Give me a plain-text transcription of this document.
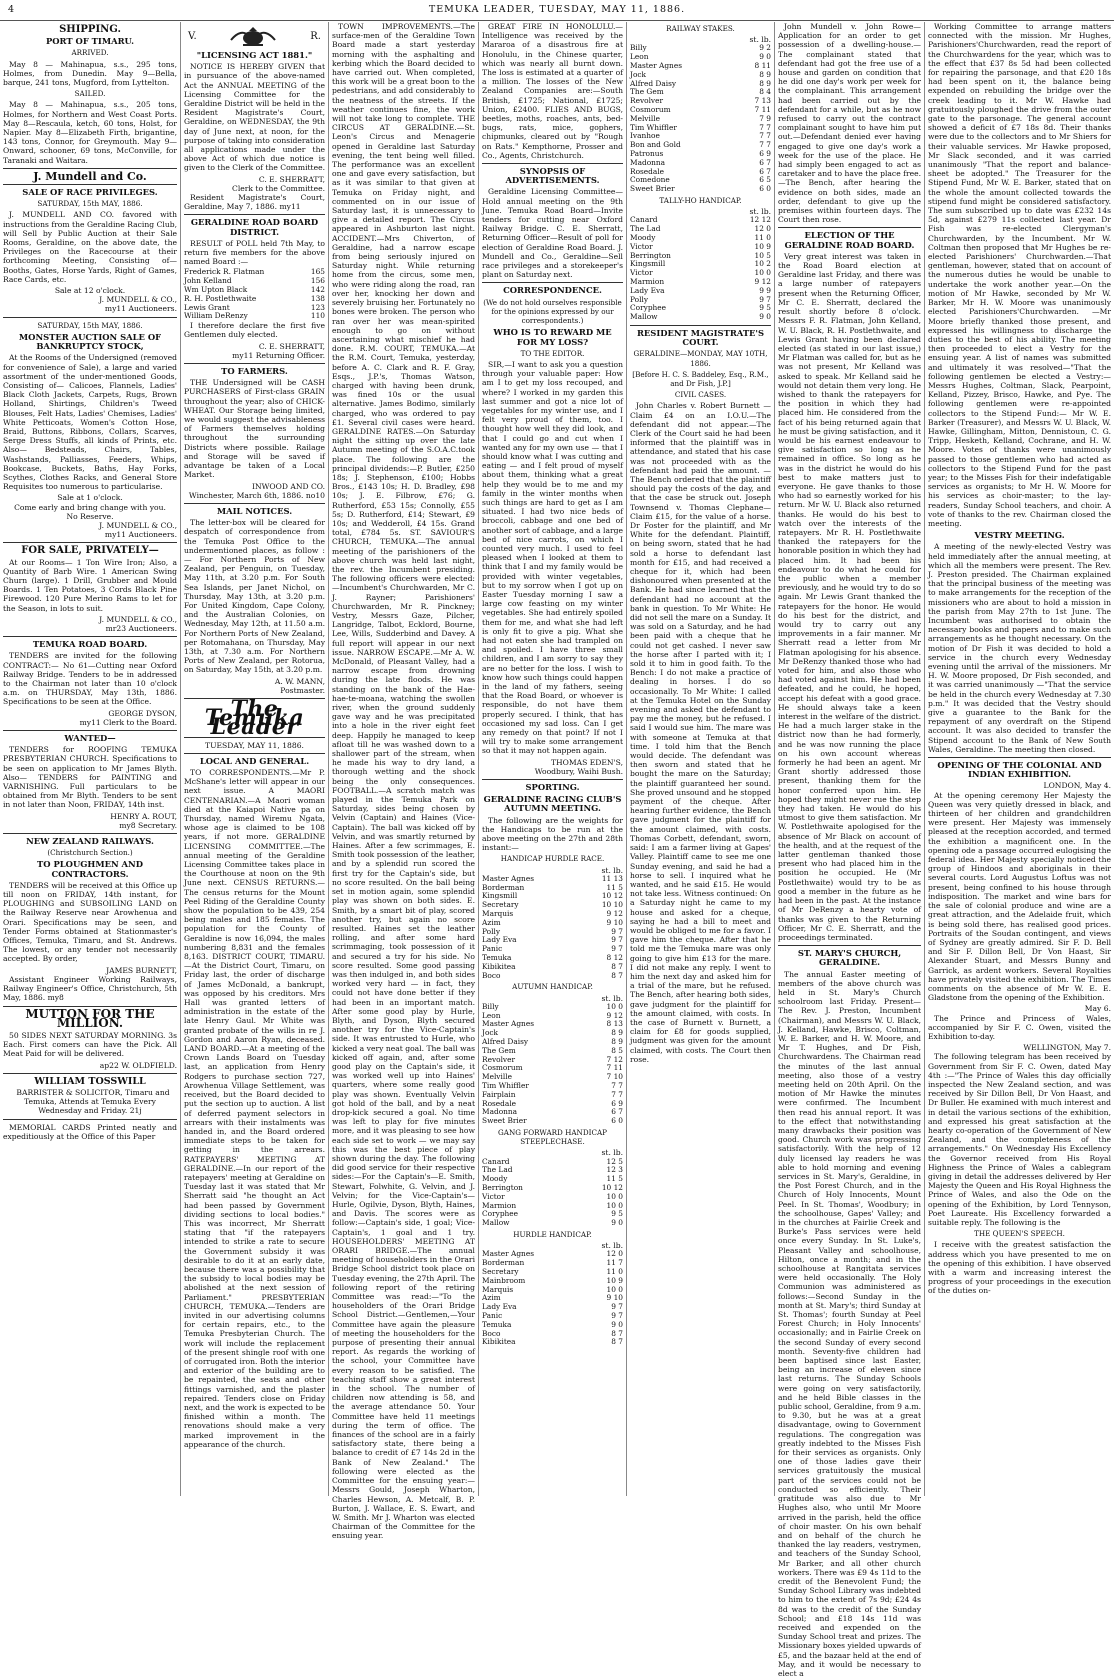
4	TEMUKA LEADER, TUESDAY, MAY 11, 1886.
SHIPPING.
PORT OF TIMARU.
ARRIVED.

May 8 — Mahinapua, s.s., 295 tons, Holmes, from Dunedin. May 9—Bella, barque, 241 tons, Mugford, from Lyttelton.

SAILED.

May 8 — Mahinapua, s.s., 205 tons, Holmes, for Northern and West Coast Ports. May 8—Rescaula, ketch, 60 tons, Holst, for Napier. May 8—Elizabeth Firth, brigantine, 143 tons, Connor, for Greymouth. May 9—Onward, schooner, 69 tons, McConville, for Taranaki and Waitara.

J. Mundell and Co.
SALE OF RACE PRIVILEGES.
SATURDAY, 15th MAY, 1886.

J. MUNDELL AND CO. favored with instructions from the Geraldine Racing Club, will Sell by Public Auction at their Sale Rooms, Geraldine, on the above date, the Privileges on the Racecourse at their forthcoming Meeting, Consisting of— Booths, Gates, Horse Yards, Right of Games, Race Cards, etc.

Sale at 12 o'clock.
J. MUNDELL & CO.,
my11 Auctioneers.
SATURDAY, 15th MAY, 1886.
MONSTER AUCTION SALE OF BANKRUPTCY STOCK,

At the Rooms of the Undersigned (removed for convenience of Sale), a large and varied assortment of the under-mentioned Goods, Consisting of— Calicoes, Flannels, Ladies' Black Cloth Jackets, Carpets, Rugs, Brown Holland, Shirtings, Children's Tweed Blouses, Felt Hats, Ladies' Chemises, Ladies' White Petticoats, Women's Cotton Hose, Braid, Buttons, Ribbons, Collars, Scarves, Serge Dress Stuffs, all kinds of Prints, etc. Also— Bedsteads, Chairs, Tables, Washstands, Palliasses, Feeders, Whips, Bookcase, Buckets, Baths, Hay Forks, Scythes, Clothes Racks, and General Store Requisites too numerous to particularise.

Sale at 1 o'clock.
Come early and bring change with you.
No Reserve.
J. MUNDELL & CO.,
my11 Auctioneers.
FOR SALE, PRIVATELY—

At our Rooms— 1 Ton Wire Iron; Also, a Quantity of Barb Wire. 1 American Swing Churn (large). 1 Drill, Grubber and Mould Boards. 1 Ten Potatoes, 3 Cords Black Pine Firewood. 120 Pure Merino Rams to let for the Season, in lots to suit.

J. MUNDELL & CO.,
mr23 Auctioneers.
TEMUKA ROAD BOARD.

TENDERS are invited for the following CONTRACT:— No 61—Cutting near Oxford Railway Bridge. Tenders to be in addressed to the Chairman not later than 10 o'clock a.m. on THURSDAY, May 13th, 1886. Specifications to be seen at the Office.

GEORGE DYSON,
my11 Clerk to the Board.
WANTED—

TENDERS for ROOFING TEMUKA PRESBYTERIAN CHURCH. Specifications to be seen on application to Mr James Blyth. Also— TENDERS for PAINTING and VARNISHING. Full particulars to be obtained from Mr Blyth. Tenders to be sent in not later than Noon, FRIDAY, 14th inst.

HENRY A. ROUT,
my8 Secretary.
NEW ZEALAND RAILWAYS.
(Christchurch Section.)
TO PLOUGHMEN AND CONTRACTORS.

TENDERS will be received at this Office up till noon on FRIDAY, 14th instant, for PLOUGHING and SUBSOILING LAND on the Railway Reserve near Arowhenua and Orari. Specifications may be seen, and Tender Forms obtained at Stationmaster's Offices, Temuka, Timaru, and St. Andrews. The lowest, or any tender not necessarily accepted. By order,

JAMES BURNETT,

Assistant Engineer Working Railways, Railway Engineer's Office, Christchurch, 5th May, 1886. my8

MUTTON FOR THE MILLION.

50 SIDES NEXT SATURDAY MORNING. 3s Each. First comers can have the Pick. All Meat Paid for will be delivered.

ap22 W. OLDFIELD.
WILLIAM TOSSWILL

BARRISTER & SOLICITOR, Timaru and Temuka, Attends at Temuka Every Wednesday and Friday. 21j

MEMORIAL CARDS Printed neatly and expeditiously at the Office of this Paper

V.	R.
"LICENSING ACT 1881."

NOTICE IS HEREBY GIVEN that in pursuance of the above-named Act the ANNUAL MEETING of the Licensing Committee for the Geraldine District will be held in the Resident Magistrate's Court, Geraldine, on WEDNESDAY, the 9th day of June next, at noon, for the purpose of taking into consideration all applications made under the above Act of which due notice is given to the Clerk of the Committee.

C. E. SHERRATT,
Clerk to the Committee.

Resident Magistrate's Court, Geraldine, May 7, 1886. my11

GERALDINE ROAD BOARD DISTRICT.

RESULT of POLL held 7th May, to return five members for the above named Board :—

Frederick R. Flatman	165
John Kelland	156
Wm Upton Black	142
R. H. Postlethwaite	138
Lewis Grant	123
William DeRenzy	110

I therefore declare the first five Gentlemen duly elected.

C. E. SHERRATT,
my11 Returning Officer.
TO FARMERS.

THE Undersigned will be CASH PURCHASERS of First-class GRAIN throughout the year; also of CHICK-WHEAT. Our Storage being limited, we would suggest the advisableness of Farmers themselves holding throughout the surrounding Districts where possible. Railage and Storage will be saved if advantage be taken of a Local Market.

INWOOD AND CO.
Winchester, March 6th, 1886. no10
MAIL NOTICES.

The letter-box will be cleared for despatch of correspondence from the Temuka Post Office to the undermentioned places, as follow :— For Northern Ports of New Zealand, per Penguin, on Tuesday, May 11th, at 3.20 p.m. For South Sea Islands, per Janet Nichol, on Thursday, May 13th, at 3.20 p.m. For United Kingdom, Cape Colony, and the Australian Colonies, on Wednesday, May 12th, at 11.50 a.m. For Northern Ports of New Zealand, per Rotomahana, on Thursday, May 13th, at 7.30 a.m. For Northern Ports of New Zealand, per Rotorua, on Saturday, May 15th, at 3.20 p.m.

A. W. MANN,
Postmaster.
The Temuka Leader
TUESDAY, MAY 11, 1886.
LOCAL AND GENERAL.

TO CORRESPONDENTS.—Mr P. McShane's letter will appear in our next issue. A MAORI CENTENARIAN.—A Maori woman died at the Kaiapoi Native pa on Thursday, named Wiremu Ngata, whose age is claimed to be 108 years, if not more. GERALDINE LICENSING COMMITTEE.—The annual meeting of the Geraldine Licensing Committee takes place in the Courthouse at noon on the 9th June next. CENSUS RETURNS.—The census returns for the Mount Peel Riding of the Geraldine County show the population to be 439, 254 being males and 185 females. The population for the County of Geraldine is now 16,094, the males numbering 8,831 and the females 8,163. DISTRICT COURT, TIMARU.—At the District Court, Timaru, on Friday last, the order of discharge of James McDonald, a bankrupt, was opposed by his creditors. Mrs Hall was granted letters of administration in the estate of the late Henry Gaul. Mr White was granted probate of the wills in re J. Gordon and Aaron Ryan, deceased. LAND BOARD.—At a meeting of the Crown Lands Board on Tuesday last, an application from Henry Rodgers to purchase section 727, Arowhenua Village Settlement, was received, but the Board decided to put the section up to auction. A list of deferred payment selectors in arrears with their instalments was handed in, and the Board ordered immediate steps to be taken for getting in the arrears. RATEPAYERS' MEETING AT GERALDINE.—In our report of the ratepayers' meeting at Geraldine on Tuesday last it was stated that Mr Sherratt said "he thought an Act had been passed by Government dividing sections to local bodies." This was incorrect, Mr Sherratt stating that "if the ratepayers intended to strike a rate to secure the Government subsidy it was desirable to do it at an early date, because there was a possibility that the subsidy to local bodies may be abolished at the next session of Parliament." PRESBYTERIAN CHURCH, TEMUKA.—Tenders are invited in our advertising columns for certain repairs, etc., to the Temuka Presbyterian Church. The work will include the replacement of the present shingle roof with one of corrugated iron. Both the interior and exterior of the building are to be repainted, the seats and other fittings varnished, and the plaster repaired. Tenders close on Friday next, and the work is expected to be finished within a month. The renovations should make a very marked improvement in the appearance of the church.

TOWN IMPROVEMENTS.—The surface-men of the Geraldine Town Board made a start yesterday morning with the asphalting and kerbing which the Board decided to have carried out. When completed, this work will be a great boon to the pedestrians, and add considerably to the neatness of the streets. If the weather continues fine, the work will not take long to complete. THE CIRCUS AT GERALDINE.—St. Leon's Circus and Menagerie opened in Geraldine last Saturday evening, the tent being well filled. The performance was an excellent one and gave every satisfaction, but as it was similar to that given at Temuka on Friday night, and commented on in our issue of Saturday last, it is unnecessary to give a detailed report. The Circus appeared in Ashburton last night. ACCIDENT.—Mrs Chiverton, of Geraldine, had a narrow escape from being seriously injured on Saturday night. While returning home from the circus, some men, who were riding along the road, ran over her, knocking her down and severely bruising her. Fortunately no bones were broken. The person who ran over her was mean-spirited enough to go on without ascertaining what mischief he had done. R.M. COURT, TEMUKA.—At the R.M. Court, Temuka, yesterday, before A. C. Clark and R. F. Gray, Esqs., J.P.'s, Thomas Watson, charged with having been drunk, was fined 10s or the usual alternative. James Bodimo, similarly charged, who was ordered to pay £1. Several civil cases were heard. GERALDINE RATES.—On Saturday night the sitting up over the late Autumn meeting of the S.O.A.C.took place. The following are the principal dividends:—P. Butler, £250 18s; J. Stephenson, £100; Hobbs Bros., £143 10s; H. D. Bradley, £98 10s; J. E. Filbrow, £76; G. Rutherford, £53 15s; Connolly, £55 5s; D. Rutherford, £14; Stewart, £9 10s; and Wedderoll, £4 15s. Grand total, £784 5s. ST. SAVIOUR'S CHURCH, TEMUKA.—The annual meeting of the parishioners of the above church was held last night, the rev. the Incumbent presiding. The following officers were elected:—Incumbent's Churchwarden, Mr C. J. Rayner; Parishioners' Churchwarden, Mr R. Pinckney; Vestry, Messrs Gaze, Pilcher, Langridge, Talbot, Ecklord, Bourne, Lee, Wills, Sudderbind and Davey. A full report will appear in our next issue. NARROW ESCAPE.—Mr A. W. McDonald, of Pleasant Valley, had a narrow escape from drowning during the late floods. He was standing on the bank of the Hae-hae-te-moana, watching the swollen river, when the ground suddenly gave way and he was precipitated into a hole in the river eight feet deep. Happily he managed to keep afloat till he was washed down to a shallower part of the stream, when he made his way to dry land, a thorough wetting and the shock being the only consequences. FOOTBALL.—A scratch match was played in the Temuka Park on Saturday, sides being chosen by Velvin (Captain) and Haines (Vice-Captain). The ball was kicked off by Velvin, and was smartly returned by Haines. After a few scrimmages, E. Smith took possession of the leather, and by a splendid run scored the first try for the Captain's side, but no score resulted. On the ball being set in motion again, some splendid play was shown on both sides. E. Smith, by a smart bit of play, scored another try, but again no score resulted. Haines set the leather rolling, and after some hard scrimmaging, took possession of it and secured a try for his side. No score resulted. Some good passing was then indulged in, and both sides worked very hard — in fact, they could not have done better if they had been in an important match. After some good play by Hurle, Blyth, and Dyson, Blyth secured another try for the Vice-Captain's side. It was entrusted to Hurle, who kicked a very neat goal. The ball was kicked off again, and, after some good play on the Captain's side, it was worked well up into Haines' quarters, where some really good play was shown. Eventually Velvin got hold of the ball, and by a neat drop-kick secured a goal. No time was left to play for five minutes more, and it was pleasing to see how each side set to work — we may say this was the best piece of play shown during the day. The following did good service for their respective sides:—For the Captain's—E. Smith, Stewart, Folwhite, G. Velvin, and J. Velvin; for the Vice-Captain's—Hurle, Ogilvie, Dyson, Blyth, Haines, and Davis. The scores were as follow:—Captain's side, 1 goal; Vice-Captain's, 1 goal and 1 try. HOUSEHOLDERS' MEETING AT ORARI BRIDGE.—The annual meeting of householders in the Orari Bridge School district took place on Tuesday evening, the 27th April. The following report of the retiring Committee was read:—"To the householders of the Orari Bridge School District.—Gentlemen,—Your Committee have again the pleasure of meeting the householders for the purpose of presenting their annual report. As regards the working of the school, your Committee have every reason to be satisfied. The teaching staff show a great interest in the school. The number of children now attending is 58, and the average attendance 50. Your Committee have held 11 meetings during the term of office. The finances of the school are in a fairly satisfactory state, there being a balance to credit of £7 14s 2d in the Bank of New Zealand." The following were elected as the Committee for the ensuing year:—Messrs Gould, Joseph Wharton, Charles Hewson, A. Metcalf, B. P. Burton, J. Wallace, E. S. Ewart, and W. Smith. Mr J. Wharton was elected Chairman of the Committee for the ensuing year.

GREAT FIRE IN HONOLULU.—Intelligence was received by the Mararoa of a disastrous fire at Honolulu, in the Chinese quarter, which was nearly all burnt down. The loss is estimated at a quarter of a million. The losses of the New Zealand Companies are:—South British, £1725; National, £1725; Union, £2400. FLIES AND BUGS, beetles, moths, roaches, ants, bed-bugs, rats, mice, gophers, chipmunks, cleared out by "Rough on Rats." Kempthorne, Prosser and Co., Agents, Christchurch.

SYNOPSIS OF ADVERTISEMENTS.

Geraldine Licensing Committee—Hold annual meeting on the 9th June. Temuka Road Board—Invite tenders for cutting near Oxford Railway Bridge. C. E. Sherratt, Returning Officer—Result of poll for election of Geraldine Road Board. J. Mundell and Co., Geraldine—Sell race privileges and a storekeeper's plant on Saturday next.

CORRESPONDENCE.
(We do not hold ourselves responsible for the opinions expressed by our correspondents.)
WHO IS TO REWARD ME FOR MY LOSS?
TO THE EDITOR.

SIR,—I want to ask you a question through your valuable paper: How am I to get my loss recouped, and where? I worked in my garden this last summer and got a nice lot of vegetables for my winter use, and I felt very proud of them, too. I thought how well they did look, and that I could go and cut when I wanted any for my own use — that I should know what I was cutting and eating — and I felt proud of myself about them, thinking what a great help they would be to me and my family in the winter months when such things are hard to get as I am situated. I had two nice beds of broccoli, cabbage and one bed of another sort of cabbage, and a large bed of nice carrots, on which I counted very much. I used to feel pleased when I looked at them to think that I and my family would be provided with winter vegetables, but to my sorrow when I got up on Easter Tuesday morning I saw a large cow feasting on my winter vegetables. She had entirely spoiled them for me, and what she had left is only fit to give a pig. What she had not eaten she had trampled on and spoiled. I have three small children, and I am sorry to say they are no better for the loss. I wish to know how such things could happen in the land of my fathers, seeing that the Road Board, or whoever is responsible, do not have them properly secured. I think, that has occasioned my sad loss. Can I get any remedy on that point? If not I will try to make some arrangement so that it may not happen again.

THOMAS EDEN'S,
Woodbury, Waihi Bush.
SPORTING.
GERALDINE RACING CLUB'S AUTUMN MEETING.

The following are the weights for the Handicaps to be run at the above meeting on the 27th and 28th instant:—

HANDICAP HURDLE RACE.
st. lb.
Master Agnes	11 13
Borderman	11 5
Kingsmill	10 12
Secretary	10 10
Marquis	9 12
Azim	9 10
Polly	9 7
Lady Eva	9 7
Panic	9 7
Temuka	8 12
Kibikitea	8 7
Boco	8 7
AUTUMN HANDICAP.
st. lb.
Billy	10 0
Leon	9 12
Master Agnes	8 13
Jock	8 9
Alfred Daisy	8 9
The Gem	8 5
Revolver	7 12
Cosmorum	7 11
Melville	7 10
Tim Whiffler	7 7
Fairplain	7 7
Rosedale	6 9
Madonna	6 7
Sweet Brier	6 0
GANG FORWARD HANDICAP STEEPLECHASE.
st. lb.
Canard	12 5
The Lad	12 3
Moody	11 5
Berrington	10 12
Victor	10 0
Marmion	10 0
Coryphee	9 5
Mallow	9 0
HURDLE HANDICAP.
st. lb.
Master Agnes	12 0
Borderman	11 7
Secretary	11 0
Mainbroom	10 9
Marquis	10 0
Azim	9 10
Lady Eva	9 7
Panic	9 7
Temuka	9 0
Boco	8 7
Kibikitea	8 7
RAILWAY STAKES.
st. lb.
Billy	9 2
Leon	9 0
Master Agnes	8 11
Jock	8 9
Alfred Daisy	8 9
The Gem	8 4
Revolver	7 13
Cosmorum	7 11
Melville	7 9
Tim Whiffler	7 7
Ivanhoe	7 7
Bon and Gold	7 7
Patronus	6 9
Madonna	6 7
Rosedale	6 7
Comedone	6 5
Sweet Brier	6 0
TALLY-HO HANDICAP.
st. lb.
Canard	12 12
The Lad	12 0
Moody	11 0
Victor	10 9
Berrington	10 5
Kingsmill	10 2
Victor	10 0
Marmion	9 12
Lady Eva	9 9
Polly	9 7
Coryphee	9 5
Mallow	9 0
RESIDENT MAGISTRATE'S COURT.
GERALDINE—MONDAY, MAY 10TH, 1886.
[Before H. C. S. Baddeley, Esq., R.M., and Dr Fish, J.P.]
CIVIL CASES.

John Charles v. Robert Burnett — Claim £4 on an I.O.U.—The defendant did not appear.—The Clerk of the Court said he had been informed that the plaintiff was in attendance, and stated that his case was not proceeded with as the defendant had paid the amount. —The Bench ordered that the plaintiff should pay the costs of the day, and that the case be struck out. Joseph Townsend v. Thomas Clephane—Claim £15, for the value of a horse. Dr Foster for the plaintiff, and Mr White for the defendant. Plaintiff, on being sworn, stated that he had sold a horse to defendant last month for £15, and had received a cheque for it, which had been dishonoured when presented at the Bank. He had since learned that the defendant had no account at the bank in question. To Mr White: He did not sell the mare on a Sunday. It was sold on a Saturday, and he had been paid with a cheque that he could not get cashed. I never saw the horse after I parted with it; I sold it to him in good faith. To the Bench: I do not make a practice of dealing in horses. I do so occasionally. To Mr White: I called at the Temuka Hotel on the Sunday evening and asked the defendant to pay me the money, but he refused. I said I would sue him. The mare was with someone at Temuka at that time. I told him that the Bench would decide. The defendant was then sworn and stated that he bought the mare on the Saturday; the plaintiff guaranteed her sound. She proved unsound and he stopped payment of the cheque. After hearing further evidence, the Bench gave judgment for the plaintiff for the amount claimed, with costs. Thomas Corbett, defendant, sworn, said: I am a farmer living at Gapes' Valley. Plaintiff came to see me one Sunday evening, and said he had a horse to sell. I inquired what he wanted, and he said £15. He would not take less. Witness continued: On a Saturday night he came to my house and asked for a cheque, saying he had a bill to meet and would be obliged to me for a favor. I gave him the cheque. After that he told me the Temuka mare was only going to give him £13 for the mare. I did not make any reply. I went to him the next day and asked him for a trial of the mare, but he refused. The Bench, after hearing both sides, gave judgment for the plaintiff for the amount claimed, with costs. In the case of Burnett v. Burnett, a claim for £8 for goods supplied, judgment was given for the amount claimed, with costs. The Court then rose.

John Mundell v. John Rowe—Application for an order to get possession of a dwelling-house.—The complainant stated that defendant had got the free use of a house and garden on condition that he did one day's work per week for the complainant. This arrangement had been carried out by the defendant for a while, but as he now refused to carry out the contract complainant sought to have him put out.—Defendant denied ever having engaged to give one day's work a week for the use of the place. He had simply been engaged to act as caretaker and to have the place free.—The Bench, after hearing the evidence on both sides, made an order, defendant to give up the premises within fourteen days. The Court then rose.

ELECTION OF THE GERALDINE ROAD BOARD.

Very great interest was taken in the Road Board election at Geraldine last Friday, and there was a large number of ratepayers present when the Returning Officer, Mr C. E. Sherratt, declared the result shortly before 8 o'clock. Messrs F. R. Flatman, John Kelland, W. U. Black, R. H. Postlethwaite, and Lewis Grant having been declared elected (as stated in our last issue,) Mr Flatman was called for, but as he was not present, Mr Kelland was asked to speak. Mr Kelland said he would not detain them very long. He wished to thank the ratepayers for the position in which they had placed him. He considered from the fact of his being returned again that he must be giving satisfaction, and it would be his earnest endeavour to give satisfaction so long as he remained in office. So long as he was in the district he would do his best to make matters just to everyone. He gave thanks to those who had so earnestly worked for his return. Mr W. U. Black also returned thanks. He would do his best to watch over the interests of the ratepayers. Mr R. H. Postlethwaite thanked the ratepayers for the honorable position in which they had placed him. It had been his endeavour to do what he could for the public when a member previously, and he would try to do so again. Mr Lewis Grant thanked the ratepayers for the honor. He would do his best for the district, and would try to carry out any improvements in a fair manner. Mr Sherratt read a letter from Mr Flatman apologising for his absence. Mr DeRenzy thanked those who had voted for him, and also those who had voted against him. He had been defeated, and he could, he hoped, accept his defeat with a good grace. He should always take a keen interest in the welfare of the district. He had a much larger stake in the district now than he had formerly, and he was now running the place on his own account whereas formerly he had been an agent. Mr Grant shortly addressed those present, thanking them for the honor conferred upon him. He hoped they might never rue the step they had taken. He would do his utmost to give them satisfaction. Mr W. Postlethwaite apologised for the absence of Mr Black on account of the health, and at the request of the latter gentleman thanked those present who had placed him in the position he occupied. He (Mr Postlethwaite) would try to be as good a member in the future as he had been in the past. At the instance of Mr DeRenzy a hearty vote of thanks was given to the Returning Officer, Mr C. E. Sherratt, and the proceedings terminated.

ST. MARY'S CHURCH, GERALDINE.

The annual Easter meeting of members of the above church was held in St. Mary's Church schoolroom last Friday. Present—The Rev. J. Preston, Incumbent (Chairman), and Messrs W. U. Black, J. Kelland, Hawke, Brisco, Coltman, W. E. Barker, and H. W. Moore, and Mr T. Hughes, and Dr Fish, Churchwardens. The Chairman read the minutes of the last annual meeting, also those of a vestry meeting held on 20th April. On the motion of Mr Hawke the minutes were confirmed. The Incumbent then read his annual report. It was to the effect that notwithstanding many drawbacks their position was good. Church work was progressing satisfactorily. With the help of 12 duly licensed lay readers he was able to hold morning and evening services in St. Mary's, Geraldine, in the Post Forest Church, and in the Church of Holy Innocents, Mount Peel. In St. Thomas', Woodbury; in the schoolhouse, Gapes' Valley; and in the churches at Fairlie Creek and Burke's Pass services were held once every Sunday. In St. Luke's, Pleasant Valley and schoolhouse, Hilton, once a month; and in the schoolhouse at Rangitata services were held occasionally. The Holy Communion was administered as follows:—Second Sunday in the month at St. Mary's; third Sunday at St. Thomas'; fourth Sunday at Peel Forest Church; in Holy Innocents' occasionally; and in Fairlie Creek on the second Sunday of every second month. Seventy-five children had been baptised since last Easter, being an increase of eleven since last returns. The Sunday Schools were going on very satisfactorily, and he held Bible classes in the public school, Geraldine, from 9 a.m. to 9.30, but he was at a great disadvantage, owing to Government regulations. The congregation was greatly indebted to the Misses Fish for their services as organists. Only one of those ladies gave their services gratuitously the musical part of the services could not be conducted so efficiently. Their gratitude was also due to Mr Hughes also, who until Mr Moore arrived in the parish, held the office of choir master. On his own behalf and on behalf of the church he thanked the lay readers, vestrymen, and teachers of the Sunday School, Mr Barker, and all other church workers. There was £9 4s 11d to the credit of the Benevolent Fund; the Sunday School Library was indebted to him to the extent of 7s 9d; £24 4s 8d was to the credit of the Sunday School; and £18 14s 11d was received and expended on the Sunday School treat and prizes. The Missionary boxes yielded upwards of £5, and the bazaar held at the end of May, and it would be necessary to elect a

Working Committee to arrange matters connected with the mission. Mr Hughes, Parishioners'Churchwarden, read the report of the Churchwardens for the year, which was to the effect that £37 8s 5d had been collected for repairing the parsonage, and that £20 18s had been spent on it, the balance being expended on rebuilding the bridge over the creek leading to it. Mr W. Hawke had gratuitously ploughed the drive from the outer gate to the parsonage. The general account showed a deficit of £7 18s 8d. Their thanks were due to the collectors and to Mr Shiers for their valuable services. Mr Hawke proposed, Mr Slack seconded, and it was carried unanimously "That the report and balance-sheet be adopted." The Treasurer for the Stipend Fund, Mr W. E. Barker, stated that on the whole the amount collected towards the stipend fund might be considered satisfactory. The sum subscribed up to date was £232 14s 5d, against £279 11s collected last year. Dr Fish was re-elected Clergyman's Churchwarden, by the Incumbent. Mr W. Coltman then proposed that Mr Hughes be re-elected Parishioners' Churchwarden.—That gentleman, however, stated that on account of the numerous duties he would be unable to undertake the work another year.—On the motion of Mr Hawke, seconded by Mr W. Barker, Mr H. W. Moore was unanimously elected Parishioners'Churchwarden. —Mr Moore briefly thanked those present, and expressed his willingness to discharge the duties to the best of his ability. The meeting then proceeded to elect a Vestry for the ensuing year. A list of names was submitted and ultimately it was resolved—"That the following gentlemen be elected a Vestry:—Messrs Hughes, Coltman, Slack, Pearpoint, Kelland, Pizzey, Brisco, Hawke, and Pye. The following gentlemen were re-appointed collectors to the Stipend Fund:— Mr W. E. Barker (Treasurer), and Messrs W. U. Black, W. Hawke, Gillingham, Mitton, Dennistoun, C. G. Tripp, Hesketh, Kelland, Cochrane, and H. W. Moore. Votes of thanks were unanimously passed to those gentlemen who had acted as collectors to the Stipend Fund for the past year; to the Misses Fish for their indefatigable services as organists; to Mr H. W. Moore for his services as choir-master; to the lay-readers, Sunday School teachers, and choir. A vote of thanks to the rev. Chairman closed the meeting.

VESTRY MEETING.

A meeting of the newly-elected Vestry was held immediately after the annual meeting, at which all the members were present. The Rev. J. Preston presided. The Chairman explained that the principal business of the meeting was to make arrangements for the reception of the missioners who are about to hold a mission in the parish from May 27th to 1st June. The Incumbent was authorised to obtain the necessary books and papers and to make such arrangements as he thought necessary. On the motion of Dr Fish it was decided to hold a service in the church every Wednesday evening until the arrival of the missioners. Mr H. W. Moore proposed, Dr Fish seconded, and it was carried unanimously —"That the service be held in the church every Wednesday at 7.30 p.m." It was decided that the Vestry should give a guarantee to the Bank for the repayment of any overdraft on the Stipend account. It was also decided to transfer the Stipend account to the Bank of New South Wales, Geraldine. The meeting then closed.

OPENING OF THE COLONIAL AND INDIAN EXHIBITION.
LONDON, May 4.

At the opening ceremony Her Majesty the Queen was very quietly dressed in black, and thirteen of her children and grandchildren were present. Her Majesty was immensely pleased at the reception accorded, and termed the exhibition a magnificent one. In the opening ode a passage occurred eulogising the federal idea. Her Majesty specially noticed the group of Hindoos and aboriginals in their several courts. Lord Augustus Loftus was not present, being confined to his house through indisposition. The market and wine bars for the sale of colonial produce and wine are a great attraction, and the Adelaide fruit, which is being sold there, has realised good prices. Portraits of the Soudan contingent, and views of Sydney are greatly admired. Sir F. D. Bell and Sir F. Dillon Bell, Dr Von Haast, Sir Alexander Stuart, and Messrs Bunny and Garrick, as ardent workers. Several Royalties have privately visited the exhibition. The Times comments on the absence of Mr W. E. E. Gladstone from the opening of the Exhibition.

May 6.

The Prince and Princess of Wales, accompanied by Sir F. C. Owen, visited the Exhibition to-day.

WELLINGTON, May 7.

The following telegram has been received by Government from Sir F. C. Owen, dated May 4th :—"The Prince of Wales this day officially inspected the New Zealand section, and was received by Sir Dillon Bell, Dr Von Haast, and Dr Buller. He examined with much interest and in detail the various sections of the exhibition, and expressed his great satisfaction at the hearty co-operation of the Government of New Zealand, and the completeness of the arrangements." On Wednesday His Excellency the Governor received from His Royal Highness the Prince of Wales a cablegram giving in detail the addresses delivered by Her Majesty the Queen and His Royal Highness the Prince of Wales, and also the Ode on the opening of the Exhibition, by Lord Tennyson, Poet Laureate. His Excellency forwarded a suitable reply. The following is the

THE QUEEN'S SPEECH.

I receive with the greatest satisfaction the address which you have presented to me on the opening of this exhibition. I have observed with a warm and increasing interest the progress of your proceedings in the execution of the duties on-
